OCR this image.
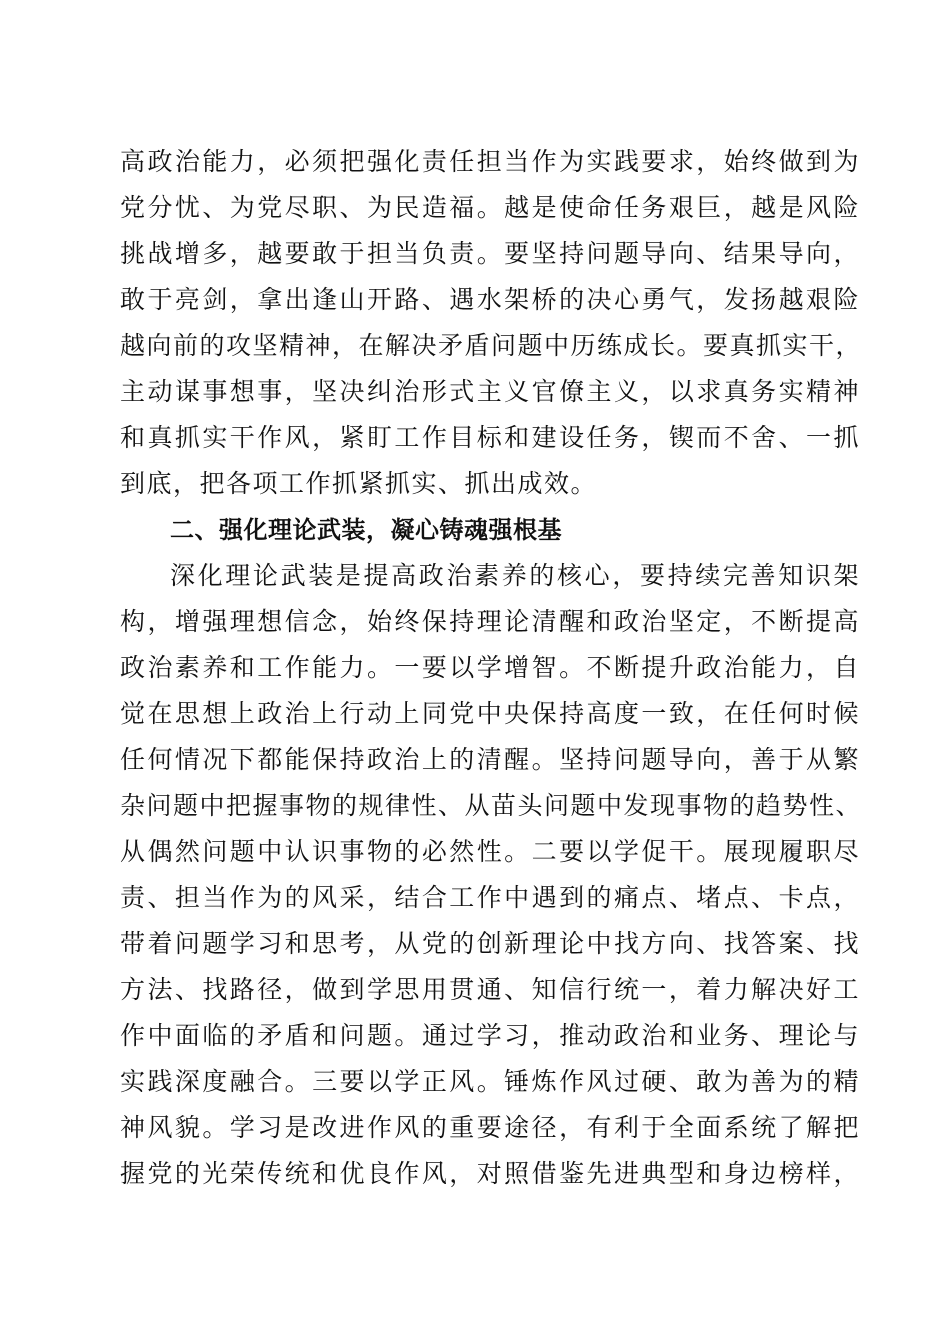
高政治能力，必须把强化责任担当作为实践要求，始终做到为
党分忧、为党尽职、为民造福。越是使命任务艰巨，越是风险
挑战增多，越要敢于担当负责。要坚持问题导向、结果导向，
敢于亮剑，拿出逢山开路、遇水架桥的决心勇气，发扬越艰险
越向前的攻坚精神，在解决矛盾问题中历练成长。要真抓实干，
主动谋事想事，坚决纠治形式主义官僚主义，以求真务实精神
和真抓实干作风，紧盯工作目标和建设任务，锲而不舍、一抓
到底，把各项工作抓紧抓实、抓出成效。
二、强化理论武装，凝心铸魂强根基
深化理论武装是提高政治素养的核心，要持续完善知识架
构，增强理想信念，始终保持理论清醒和政治坚定，不断提高
政治素养和工作能力。一要以学增智。不断提升政治能力，自
觉在思想上政治上行动上同党中央保持高度一致，在任何时候
任何情况下都能保持政治上的清醒。坚持问题导向，善于从繁
杂问题中把握事物的规律性、从苗头问题中发现事物的趋势性、
从偶然问题中认识事物的必然性。二要以学促干。展现履职尽
责、担当作为的风采，结合工作中遇到的痛点、堵点、卡点，
带着问题学习和思考，从党的创新理论中找方向、找答案、找
方法、找路径，做到学思用贯通、知信行统一，着力解决好工
作中面临的矛盾和问题。通过学习，推动政治和业务、理论与
实践深度融合。三要以学正风。锤炼作风过硬、敢为善为的精
神风貌。学习是改进作风的重要途径，有利于全面系统了解把
握党的光荣传统和优良作风，对照借鉴先进典型和身边榜样，
